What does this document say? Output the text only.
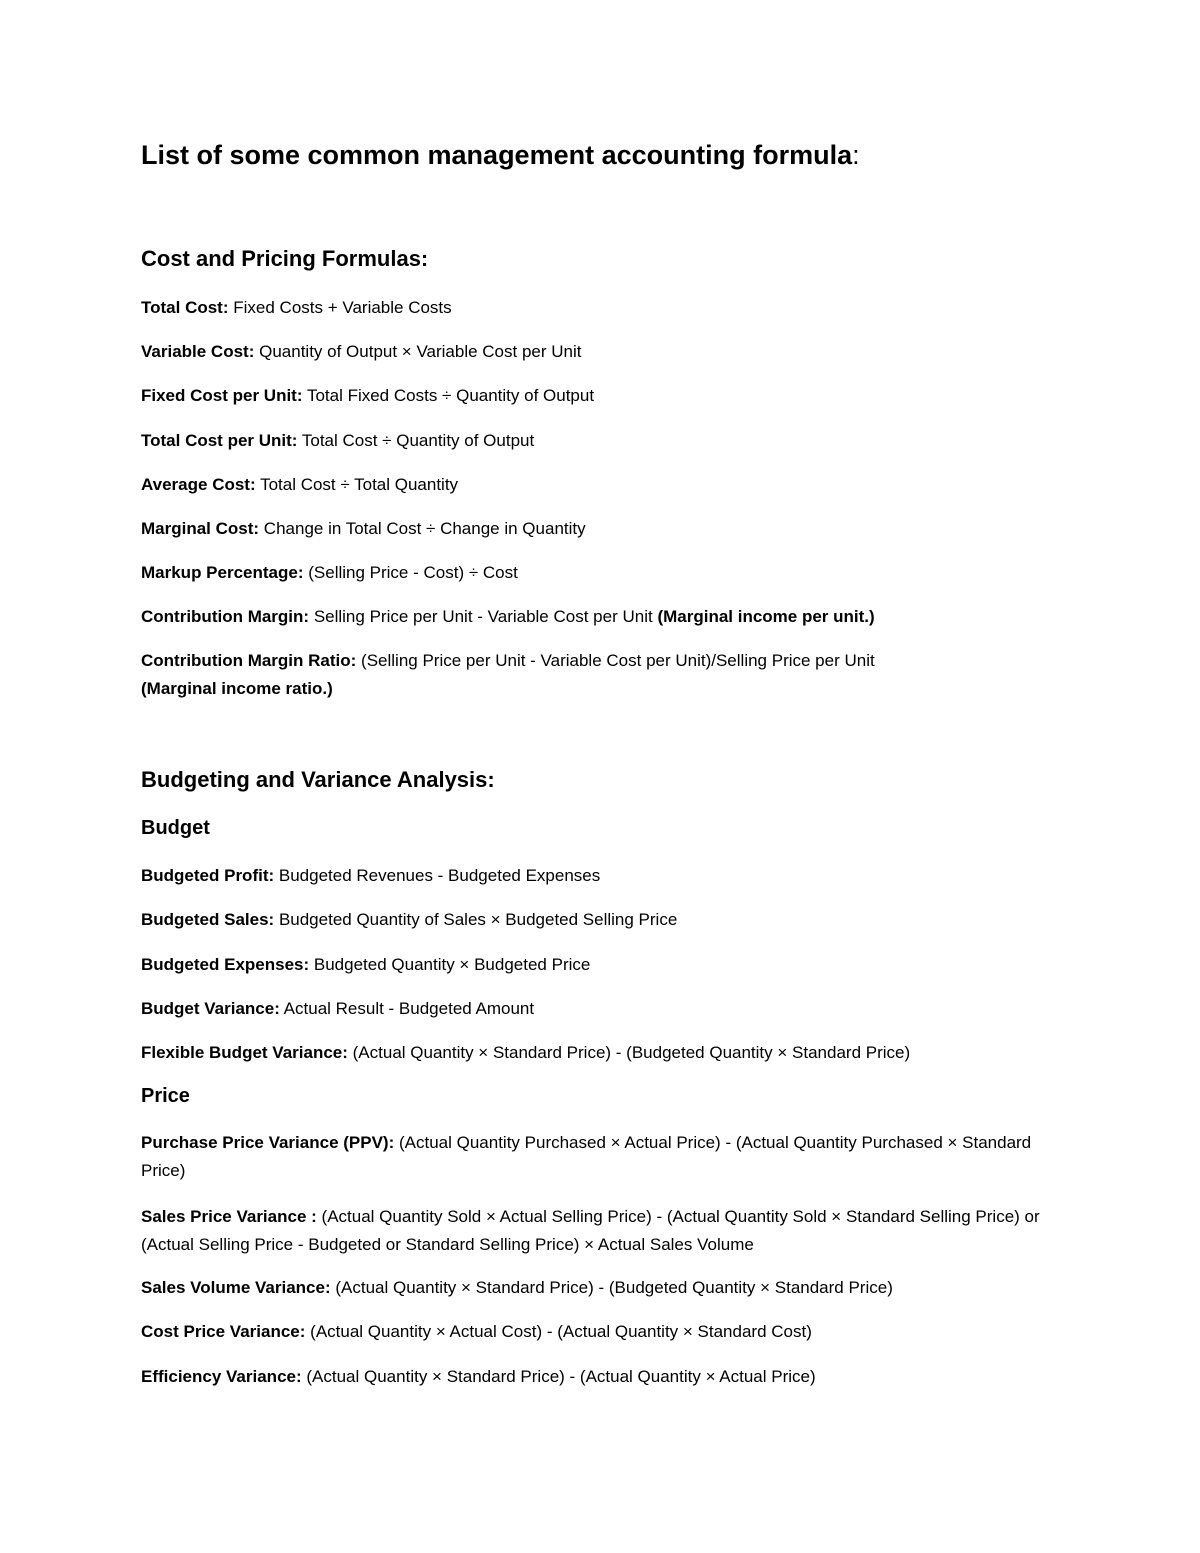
List of some common management accounting formula:
Cost and Pricing Formulas:

Total Cost: Fixed Costs + Variable Costs

Variable Cost: Quantity of Output × Variable Cost per Unit

Fixed Cost per Unit: Total Fixed Costs ÷ Quantity of Output

Total Cost per Unit: Total Cost ÷ Quantity of Output

Average Cost: Total Cost ÷ Total Quantity

Marginal Cost: Change in Total Cost ÷ Change in Quantity

Markup Percentage: (Selling Price - Cost) ÷ Cost

Contribution Margin: Selling Price per Unit - Variable Cost per Unit (Marginal income per unit.)

Contribution Margin Ratio: (Selling Price per Unit - Variable Cost per Unit)/Selling Price per Unit
(Marginal income ratio.)

Budgeting and Variance Analysis:
Budget

Budgeted Profit: Budgeted Revenues - Budgeted Expenses

Budgeted Sales: Budgeted Quantity of Sales × Budgeted Selling Price

Budgeted Expenses: Budgeted Quantity × Budgeted Price

Budget Variance: Actual Result - Budgeted Amount

Flexible Budget Variance: (Actual Quantity × Standard Price) - (Budgeted Quantity × Standard Price)

Price

Purchase Price Variance (PPV): (Actual Quantity Purchased × Actual Price) - (Actual Quantity Purchased × Standard Price)

Sales Price Variance : (Actual Quantity Sold × Actual Selling Price) - (Actual Quantity Sold × Standard Selling Price) or (Actual Selling Price - Budgeted or Standard Selling Price) × Actual Sales Volume

Sales Volume Variance: (Actual Quantity × Standard Price) - (Budgeted Quantity × Standard Price)

Cost Price Variance: (Actual Quantity × Actual Cost) - (Actual Quantity × Standard Cost)

Efficiency Variance: (Actual Quantity × Standard Price) - (Actual Quantity × Actual Price)
